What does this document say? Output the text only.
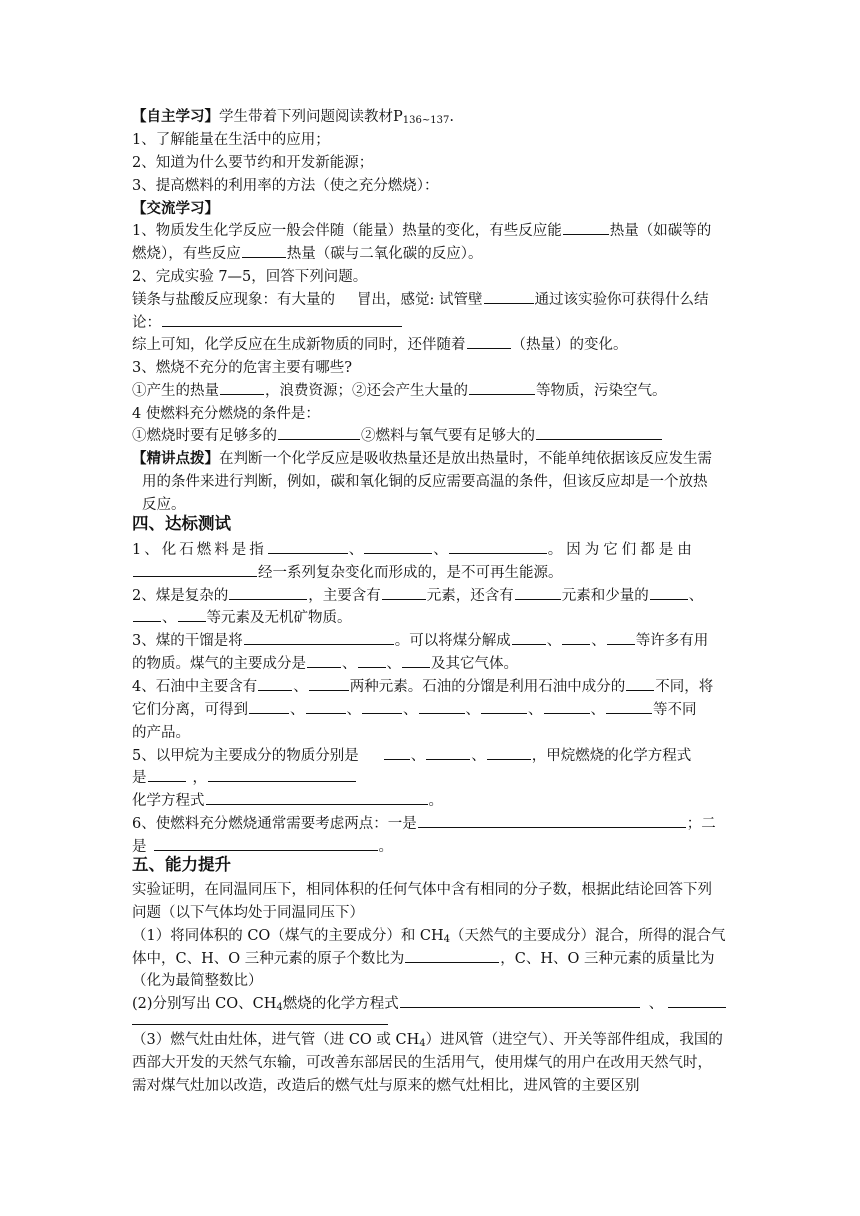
【自主学习】学生带着下列问题阅读教材$P_{136\sim 137}$.
1、了解能量在生活中的应用；
2、知道为什么要节约和开发新能源；
3、提高燃料的利用率的方法（使之充分燃烧）：
【交流学习】
1、物质发生化学反应一般会伴随（能量）热量的变化，有些反应能	热量（如碳等的
燃烧），有些反应	热量（碳与二氧化碳的反应）。
2、完成实验 7—5，回答下列问题。
镁条与盐酸反应现象：有大量的 冒出，感觉: 试管壁	通过该实验你可获得什么结
论：
综上可知，化学反应在生成新物质的同时，还伴随着	（热量）的变化。
3、燃烧不充分的危害主要有哪些?
①产生的热量	，浪费资源；②还会产生大量的	等物质，污染空气。
4 使燃料充分燃烧的条件是：
①燃烧时要有足够多的	②燃料与氧气要有足够大的
【精讲点拨】在判断一个化学反应是吸收热量还是放出热量时，不能单纯依据该反应发生需
用的条件来进行判断，例如，碳和氧化铜的反应需要高温的条件，但该反应却是一个放热
反应。
四、达标测试
1、化石燃料是指	、	、	。因为它们都是由
经一系列复杂变化而形成的，是不可再生能源。
2、煤是复杂的	，主要含有	元素，还含有	元素和少量的	、
、 等元素及无机矿物质。
3、煤的干馏是将	。可以将煤分解成 、 、 等许多有用
的物质。煤气的主要成分是 、 、 及其它气体。
4、石油中主要含有 、	两种元素。石油的分馏是利用石油中成分的 不同，将
它们分离，可得到	、	、	、	、	、	、	等不同
的产品。
5、以甲烷为主要成分的物质分别是	、	、	，甲烷燃烧的化学方程式
是	，
化学方程式	。
6、使燃料充分燃烧通常需要考虑两点：一是	；二
是	。
五、能力提升
实验证明，在同温同压下，相同体积的任何气体中含有相同的分子数，根据此结论回答下列
问题（以下气体均处于同温同压下）
（1）将同体积的 CO（煤气的主要成分）和 $CH_4$（天然气的主要成分）混合，所得的混合气
体中，C、H、O 三种元素的原子个数比为	，C、H、O 三种元素的质量比为
（化为最简整数比）
(2)分别写出 CO、$CH_4$燃烧的化学方程式	、
（3）燃气灶由灶体，进气管（进 CO 或 $CH_4$）进风管（进空气）、开关等部件组成，我国的
西部大开发的天然气东输，可改善东部居民的生活用气，使用煤气的用户在改用天然气时，
需对煤气灶加以改造，改造后的燃气灶与原来的燃气灶相比，进风管的主要区别
